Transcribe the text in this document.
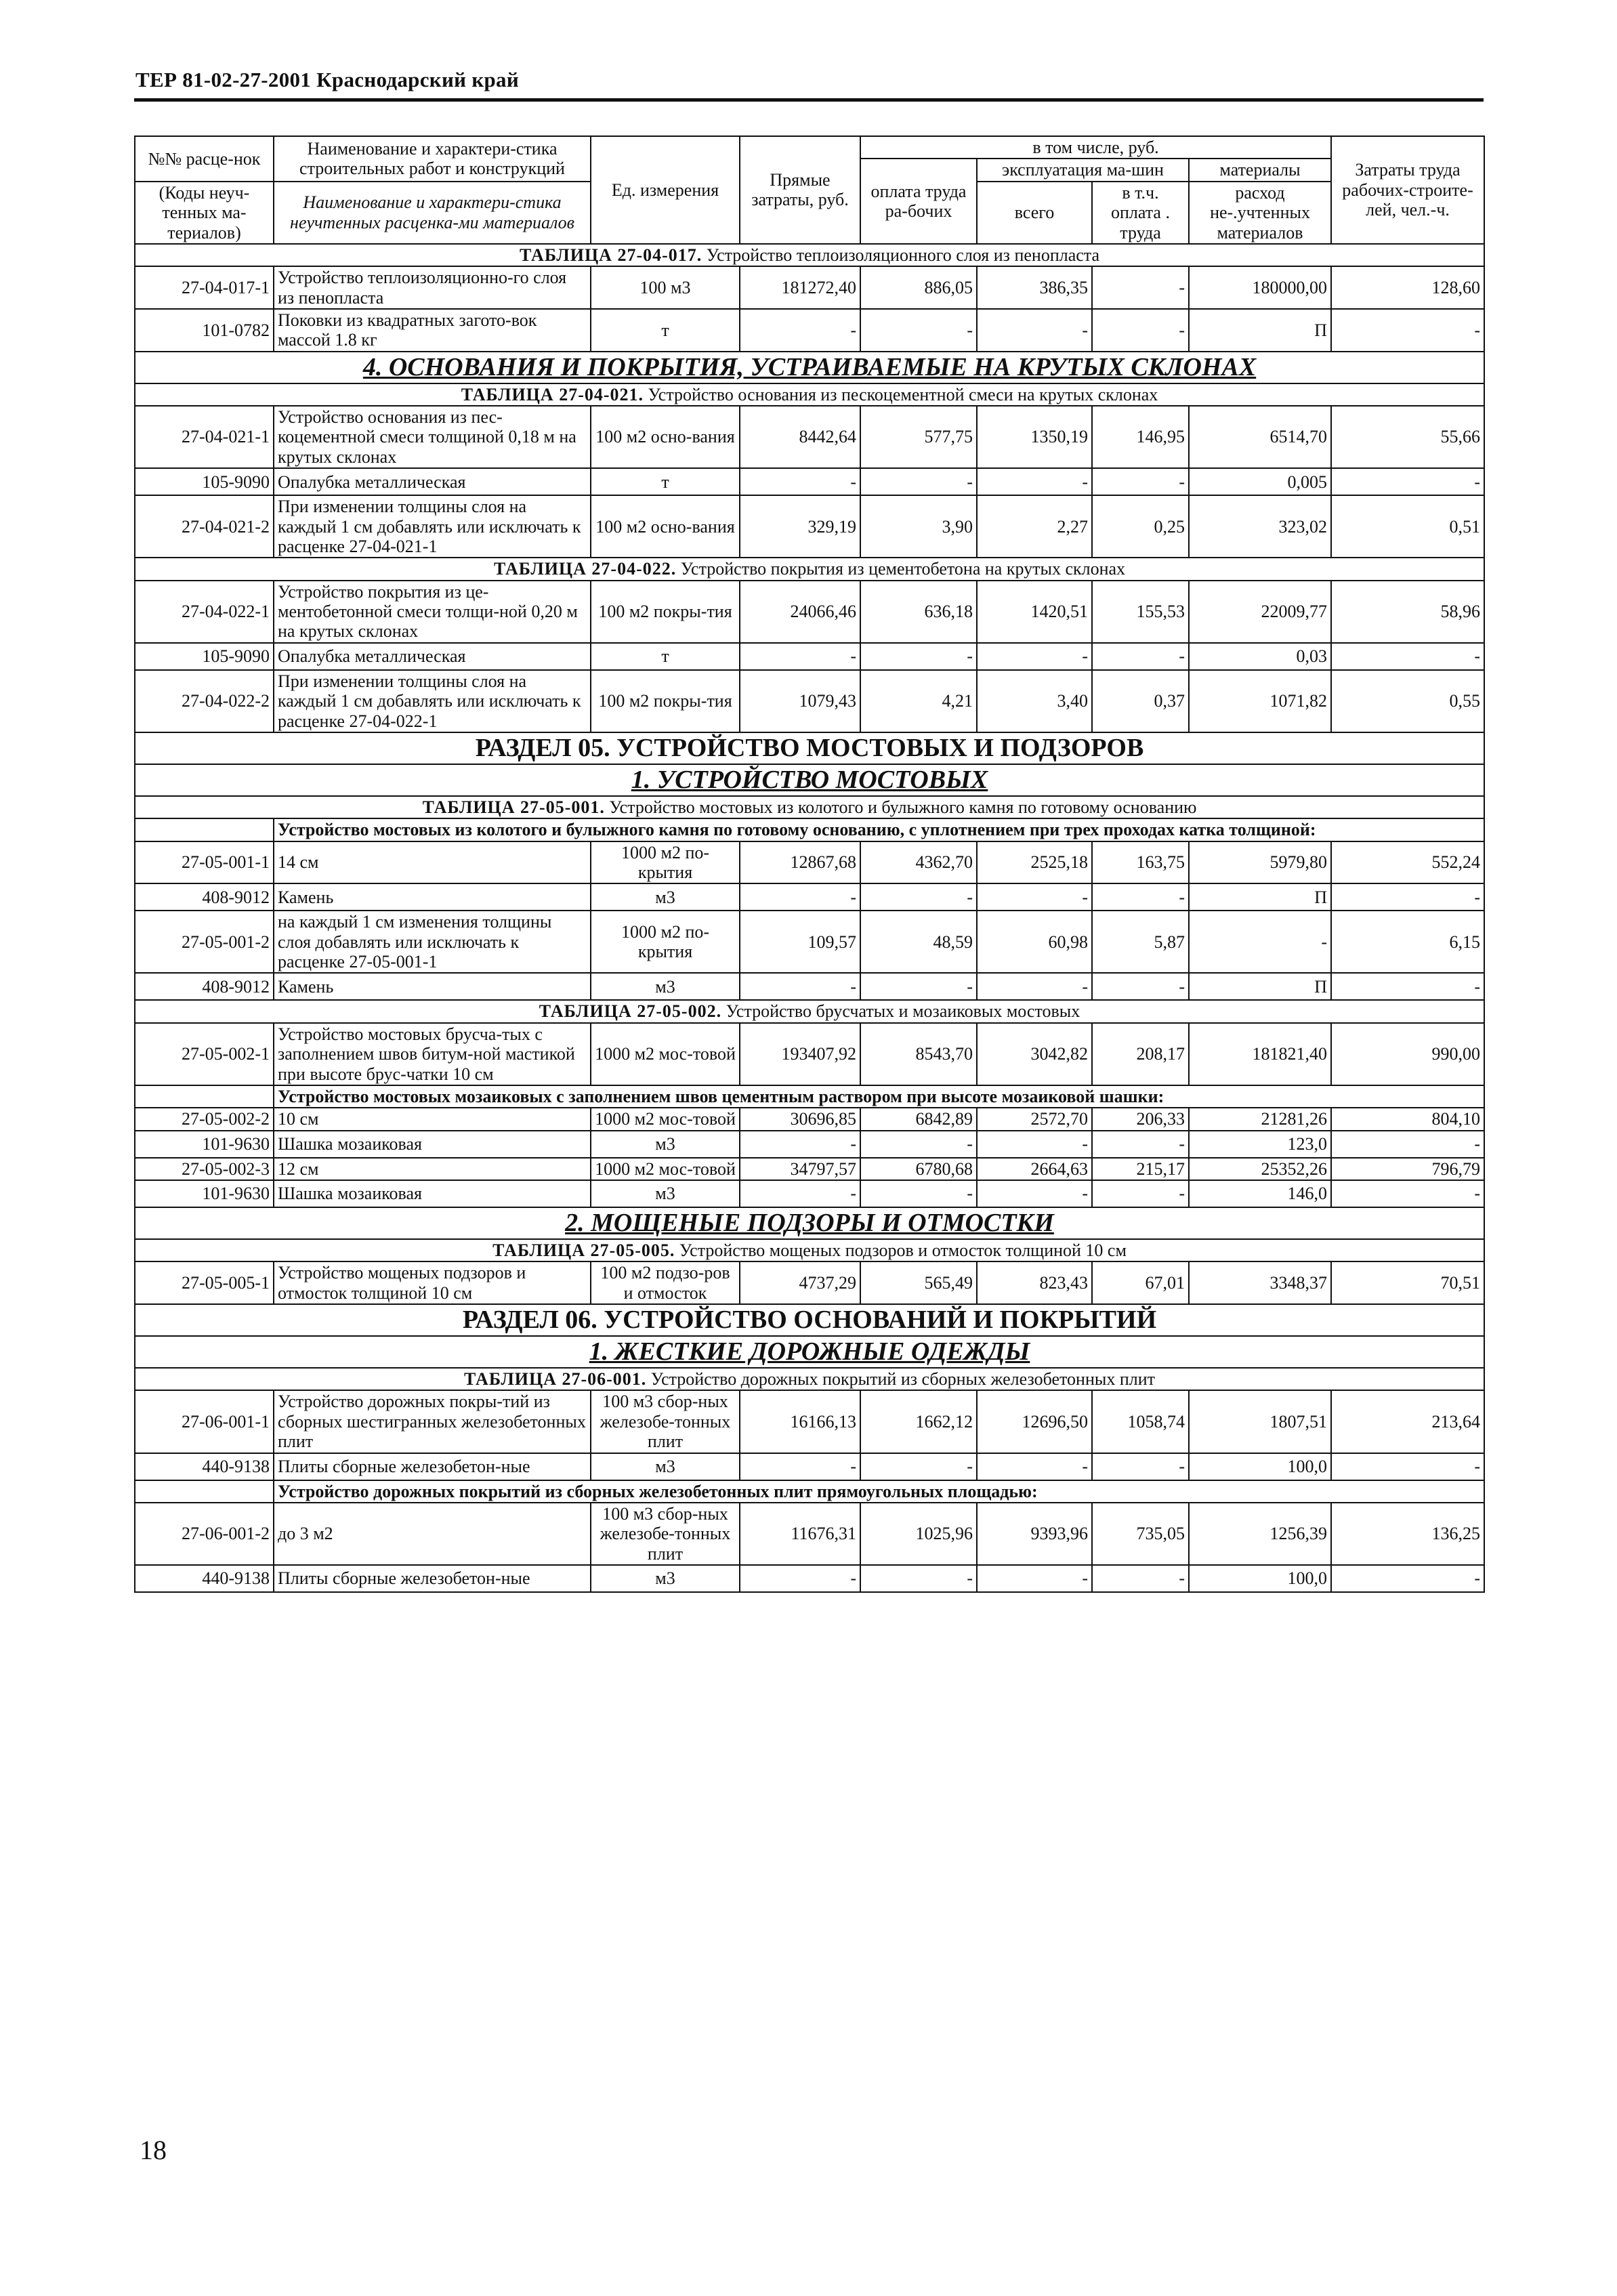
ТЕР 81-02-27-2001 Краснодарский край
№№ расце-нок	Наименование и характери-стика строительных работ и конструкций	Ед. измерения	Прямые затраты, руб.	в том числе, руб.				Затраты труда рабочих-строите-лей, чел.-ч.
				оплата труда ра-бочих	эксплуатация ма-шин		материалы	
					всего	в т.ч. оплата . труда		
(Коды неуч-тенных ма-териалов)	Наименование и характери-стика неучтенных расценка-ми материалов						расход не-.учтенных материалов	

ТАБЛИЦА 27-04-017. Устройство теплоизоляционного слоя из пенопласта								
27-04-017-1	Устройство теплоизоляционно-го слоя из пенопласта	100 м3	181272,40	886,05	386,35	-	180000,00	128,60
101-0782	Поковки из квадратных загото-вок массой 1.8 кг	т	-	-	-	-	П	-
4. ОСНОВАНИЯ И ПОКРЫТИЯ, УСТРАИВАЕМЫЕ НА КРУТЫХ СКЛОНАХ								
ТАБЛИЦА 27-04-021. Устройство основания из пескоцементной смеси на крутых склонах								
27-04-021-1	Устройство основания из пес-коцементной смеси толщиной 0,18 м на крутых склонах	100 м2 осно-вания	8442,64	577,75	1350,19	146,95	6514,70	55,66
105-9090	Опалубка металлическая	т	-	-	-	-	0,005	-
27-04-021-2	При изменении толщины слоя на каждый 1 см добавлять или исключать к расценке 27-04-021-1	100 м2 осно-вания	329,19	3,90	2,27	0,25	323,02	0,51
ТАБЛИЦА 27-04-022. Устройство покрытия из цементобетона на крутых склонах								
27-04-022-1	Устройство покрытия из це-ментобетонной смеси толщи-ной 0,20 м на крутых склонах	100 м2 покры-тия	24066,46	636,18	1420,51	155,53	22009,77	58,96
105-9090	Опалубка металлическая	т	-	-	-	-	0,03	-
27-04-022-2	При изменении толщины слоя на каждый 1 см добавлять или исключать к расценке 27-04-022-1	100 м2 покры-тия	1079,43	4,21	3,40	0,37	1071,82	0,55
РАЗДЕЛ 05. УСТРОЙСТВО МОСТОВЫХ И ПОДЗОРОВ								
1. УСТРОЙСТВО МОСТОВЫХ								
ТАБЛИЦА 27-05-001. Устройство мостовых из колотого и булыжного камня по готовому основанию								
	Устройство мостовых из колотого и булыжного камня по готовому основанию, с уплотнением при трех проходах катка толщиной:							
27-05-001-1	14 см	1000 м2 по-крытия	12867,68	4362,70	2525,18	163,75	5979,80	552,24
408-9012	Камень	м3	-	-	-	-	П	-
27-05-001-2	на каждый 1 см изменения толщины слоя добавлять или исключать к расценке 27-05-001-1	1000 м2 по-крытия	109,57	48,59	60,98	5,87	-	6,15
408-9012	Камень	м3	-	-	-	-	П	-
ТАБЛИЦА 27-05-002. Устройство брусчатых и мозаиковых мостовых								
27-05-002-1	Устройство мостовых брусча-тых с заполнением швов битум-ной мастикой при высоте брус-чатки 10 см	1000 м2 мос-товой	193407,92	8543,70	3042,82	208,17	181821,40	990,00
	Устройство мостовых мозаиковых с заполнением швов цементным раствором при высоте мозаиковой шашки:							
27-05-002-2	10 см	1000 м2 мос-товой	30696,85	6842,89	2572,70	206,33	21281,26	804,10
101-9630	Шашка мозаиковая	м3	-	-	-	-	123,0	-
27-05-002-3	12 см	1000 м2 мос-товой	34797,57	6780,68	2664,63	215,17	25352,26	796,79
101-9630	Шашка мозаиковая	м3	-	-	-	-	146,0	-
2. МОЩЕНЫЕ ПОДЗОРЫ И ОТМОСТКИ								
ТАБЛИЦА 27-05-005. Устройство мощеных подзоров и отмосток толщиной 10 см								
27-05-005-1	Устройство мощеных подзоров и отмосток толщиной 10 см	100 м2 подзо-ров и отмосток	4737,29	565,49	823,43	67,01	3348,37	70,51
РАЗДЕЛ 06. УСТРОЙСТВО ОСНОВАНИЙ И ПОКРЫТИЙ								
1. ЖЕСТКИЕ ДОРОЖНЫЕ ОДЕЖДЫ								
ТАБЛИЦА 27-06-001. Устройство дорожных покрытий из сборных железобетонных плит								
27-06-001-1	Устройство дорожных покры-тий из сборных шестигранных железобетонных плит	100 м3 сбор-ных железобе-тонных плит	16166,13	1662,12	12696,50	1058,74	1807,51	213,64
440-9138	Плиты сборные железобетон-ные	м3	-	-	-	-	100,0	-
	Устройство дорожных покрытий из сборных железобетонных плит прямоугольных площадью:							
27-06-001-2	до 3 м2	100 м3 сбор-ных железобе-тонных плит	11676,31	1025,96	9393,96	735,05	1256,39	136,25
440-9138	Плиты сборные железобетон-ные	м3	-	-	-	-	100,0	-
18
